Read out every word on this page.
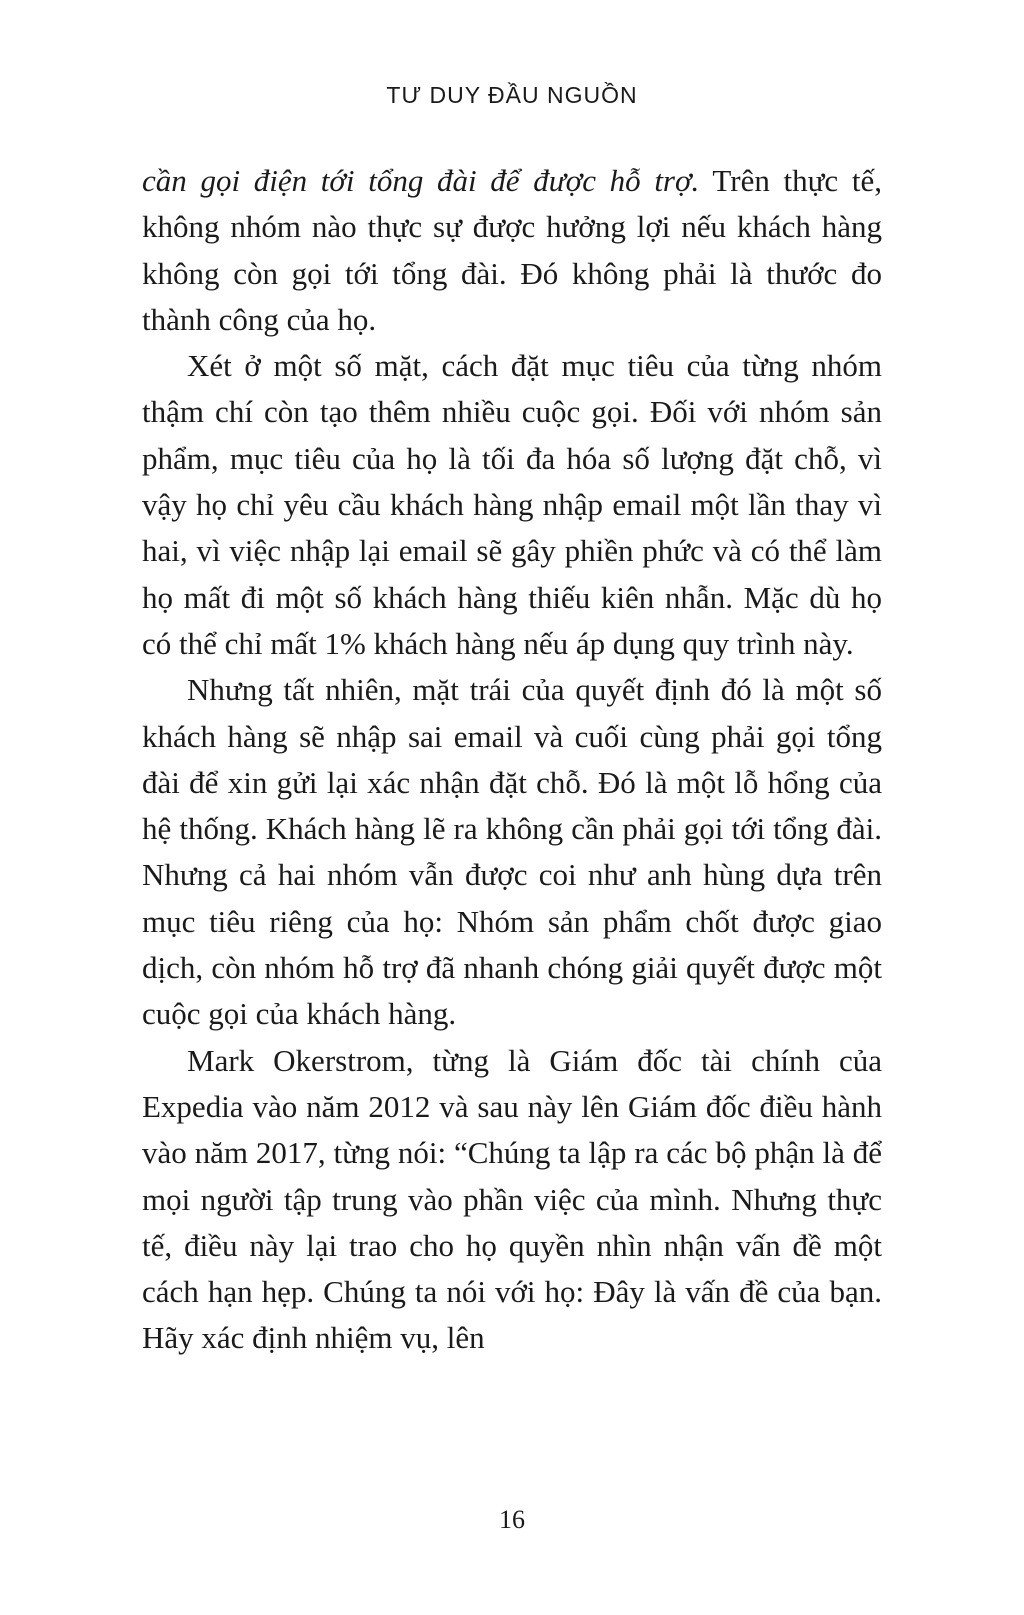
TƯ DUY ĐẦU NGUỒN

cần gọi điện tới tổng đài để được hỗ trợ. Trên thực tế, không nhóm nào thực sự được hưởng lợi nếu khách hàng không còn gọi tới tổng đài. Đó không phải là thước đo thành công của họ.

Xét ở một số mặt, cách đặt mục tiêu của từng nhóm thậm chí còn tạo thêm nhiều cuộc gọi. Đối với nhóm sản phẩm, mục tiêu của họ là tối đa hóa số lượng đặt chỗ, vì vậy họ chỉ yêu cầu khách hàng nhập email một lần thay vì hai, vì việc nhập lại email sẽ gây phiền phức và có thể làm họ mất đi một số khách hàng thiếu kiên nhẫn. Mặc dù họ có thể chỉ mất 1% khách hàng nếu áp dụng quy trình này.

Nhưng tất nhiên, mặt trái của quyết định đó là một số khách hàng sẽ nhập sai email và cuối cùng phải gọi tổng đài để xin gửi lại xác nhận đặt chỗ. Đó là một lỗ hổng của hệ thống. Khách hàng lẽ ra không cần phải gọi tới tổng đài. Nhưng cả hai nhóm vẫn được coi như anh hùng dựa trên mục tiêu riêng của họ: Nhóm sản phẩm chốt được giao dịch, còn nhóm hỗ trợ đã nhanh chóng giải quyết được một cuộc gọi của khách hàng.

Mark Okerstrom, từng là Giám đốc tài chính của Expedia vào năm 2012 và sau này lên Giám đốc điều hành vào năm 2017, từng nói: “Chúng ta lập ra các bộ phận là để mọi người tập trung vào phần việc của mình. Nhưng thực tế, điều này lại trao cho họ quyền nhìn nhận vấn đề một cách hạn hẹp. Chúng ta nói với họ: Đây là vấn đề của bạn. Hãy xác định nhiệm vụ, lên

16
